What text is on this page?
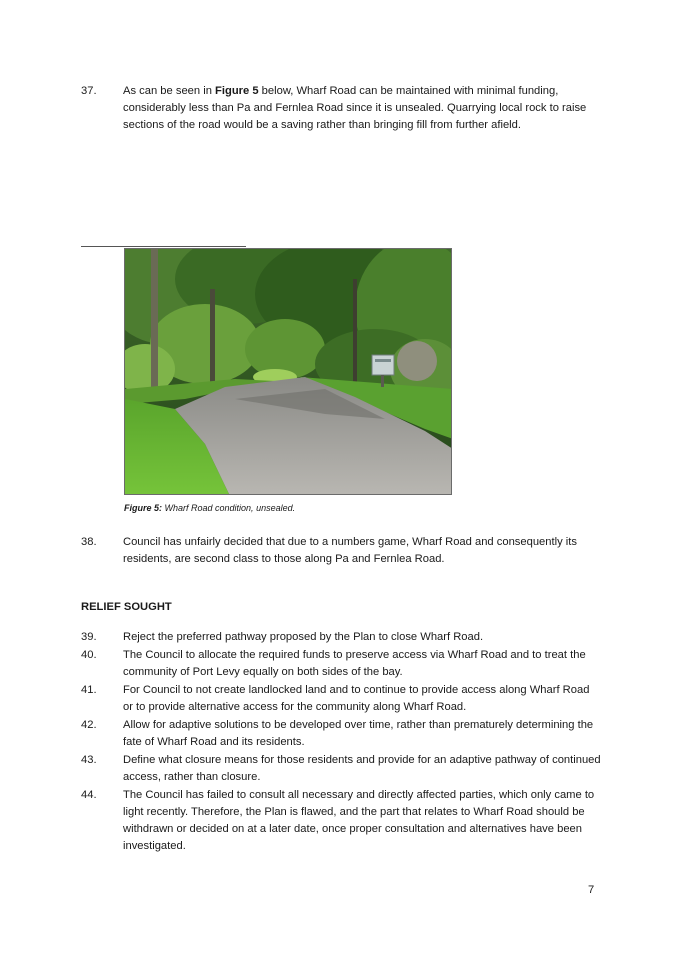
37.	As can be seen in Figure 5 below, Wharf Road can be maintained with minimal funding, considerably less than Pa and Fernlea Road since it is unsealed. Quarrying local rock to raise sections of the road would be a saving rather than bringing fill from further afield.
Figure 5: Wharf Road condition, unsealed.
38.	Council has unfairly decided that due to a numbers game, Wharf Road and consequently its residents, are second class to those along Pa and Fernlea Road.
RELIEF SOUGHT
39.	Reject the preferred pathway proposed by the Plan to close Wharf Road.
40.	The Council to allocate the required funds to preserve access via Wharf Road and to treat the community of Port Levy equally on both sides of the bay.
41.	For Council to not create landlocked land and to continue to provide access along Wharf Road or to provide alternative access for the community along Wharf Road.
42.	Allow for adaptive solutions to be developed over time, rather than prematurely determining the fate of Wharf Road and its residents.
43.	Define what closure means for those residents and provide for an adaptive pathway of continued access, rather than closure.
44.	The Council has failed to consult all necessary and directly affected parties, which only came to light recently. Therefore, the Plan is flawed, and the part that relates to Wharf Road should be withdrawn or decided on at a later date, once proper consultation and alternatives have been investigated.
7
